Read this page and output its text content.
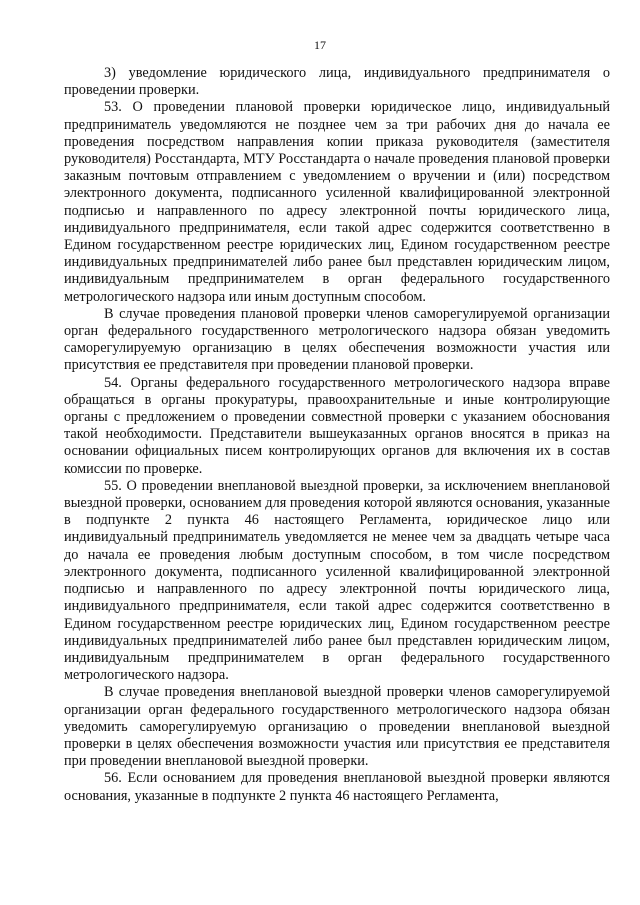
17

3) уведомление юридического лица, индивидуального предпринимателя о проведении проверки.

53. О проведении плановой проверки юридическое лицо, индивидуальный предприниматель уведомляются не позднее чем за три рабочих дня до начала ее проведения посредством направления копии приказа руководителя (заместителя руководителя) Росстандарта, МТУ Росстандарта о начале проведения плановой проверки заказным почтовым отправлением с уведомлением о вручении и (или) посредством электронного документа, подписанного усиленной квалифицированной электронной подписью и направленного по адресу электронной почты юридического лица, индивидуального предпринимателя, если такой адрес содержится соответственно в Едином государственном реестре юридических лиц, Едином государственном реестре индивидуальных предпринимателей либо ранее был представлен юридическим лицом, индивидуальным предпринимателем в орган федерального государственного метрологического надзора или иным доступным способом.

В случае проведения плановой проверки членов саморегулируемой организации орган федерального государственного метрологического надзора обязан уведомить саморегулируемую организацию в целях обеспечения возможности участия или присутствия ее представителя при проведении плановой проверки.

54. Органы федерального государственного метрологического надзора вправе обращаться в органы прокуратуры, правоохранительные и иные контролирующие органы с предложением о проведении совместной проверки с указанием обоснования такой необходимости. Представители вышеуказанных органов вносятся в приказ на основании официальных писем контролирующих органов для включения их в состав комиссии по проверке.

55. О проведении внеплановой выездной проверки, за исключением внеплановой выездной проверки, основанием для проведения которой являются основания, указанные в подпункте 2 пункта 46 настоящего Регламента, юридическое лицо или индивидуальный предприниматель уведомляется не менее чем за двадцать четыре часа до начала ее проведения любым доступным способом, в том числе посредством электронного документа, подписанного усиленной квалифицированной электронной подписью и направленного по адресу электронной почты юридического лица, индивидуального предпринимателя, если такой адрес содержится соответственно в Едином государственном реестре юридических лиц, Едином государственном реестре индивидуальных предпринимателей либо ранее был представлен юридическим лицом, индивидуальным предпринимателем в орган федерального государственного метрологического надзора.

В случае проведения внеплановой выездной проверки членов саморегулируемой организации орган федерального государственного метрологического надзора обязан уведомить саморегулируемую организацию о проведении внеплановой выездной проверки в целях обеспечения возможности участия или присутствия ее представителя при проведении внеплановой выездной проверки.

56. Если основанием для проведения внеплановой выездной проверки являются основания, указанные в подпункте 2 пункта 46 настоящего Регламента,
